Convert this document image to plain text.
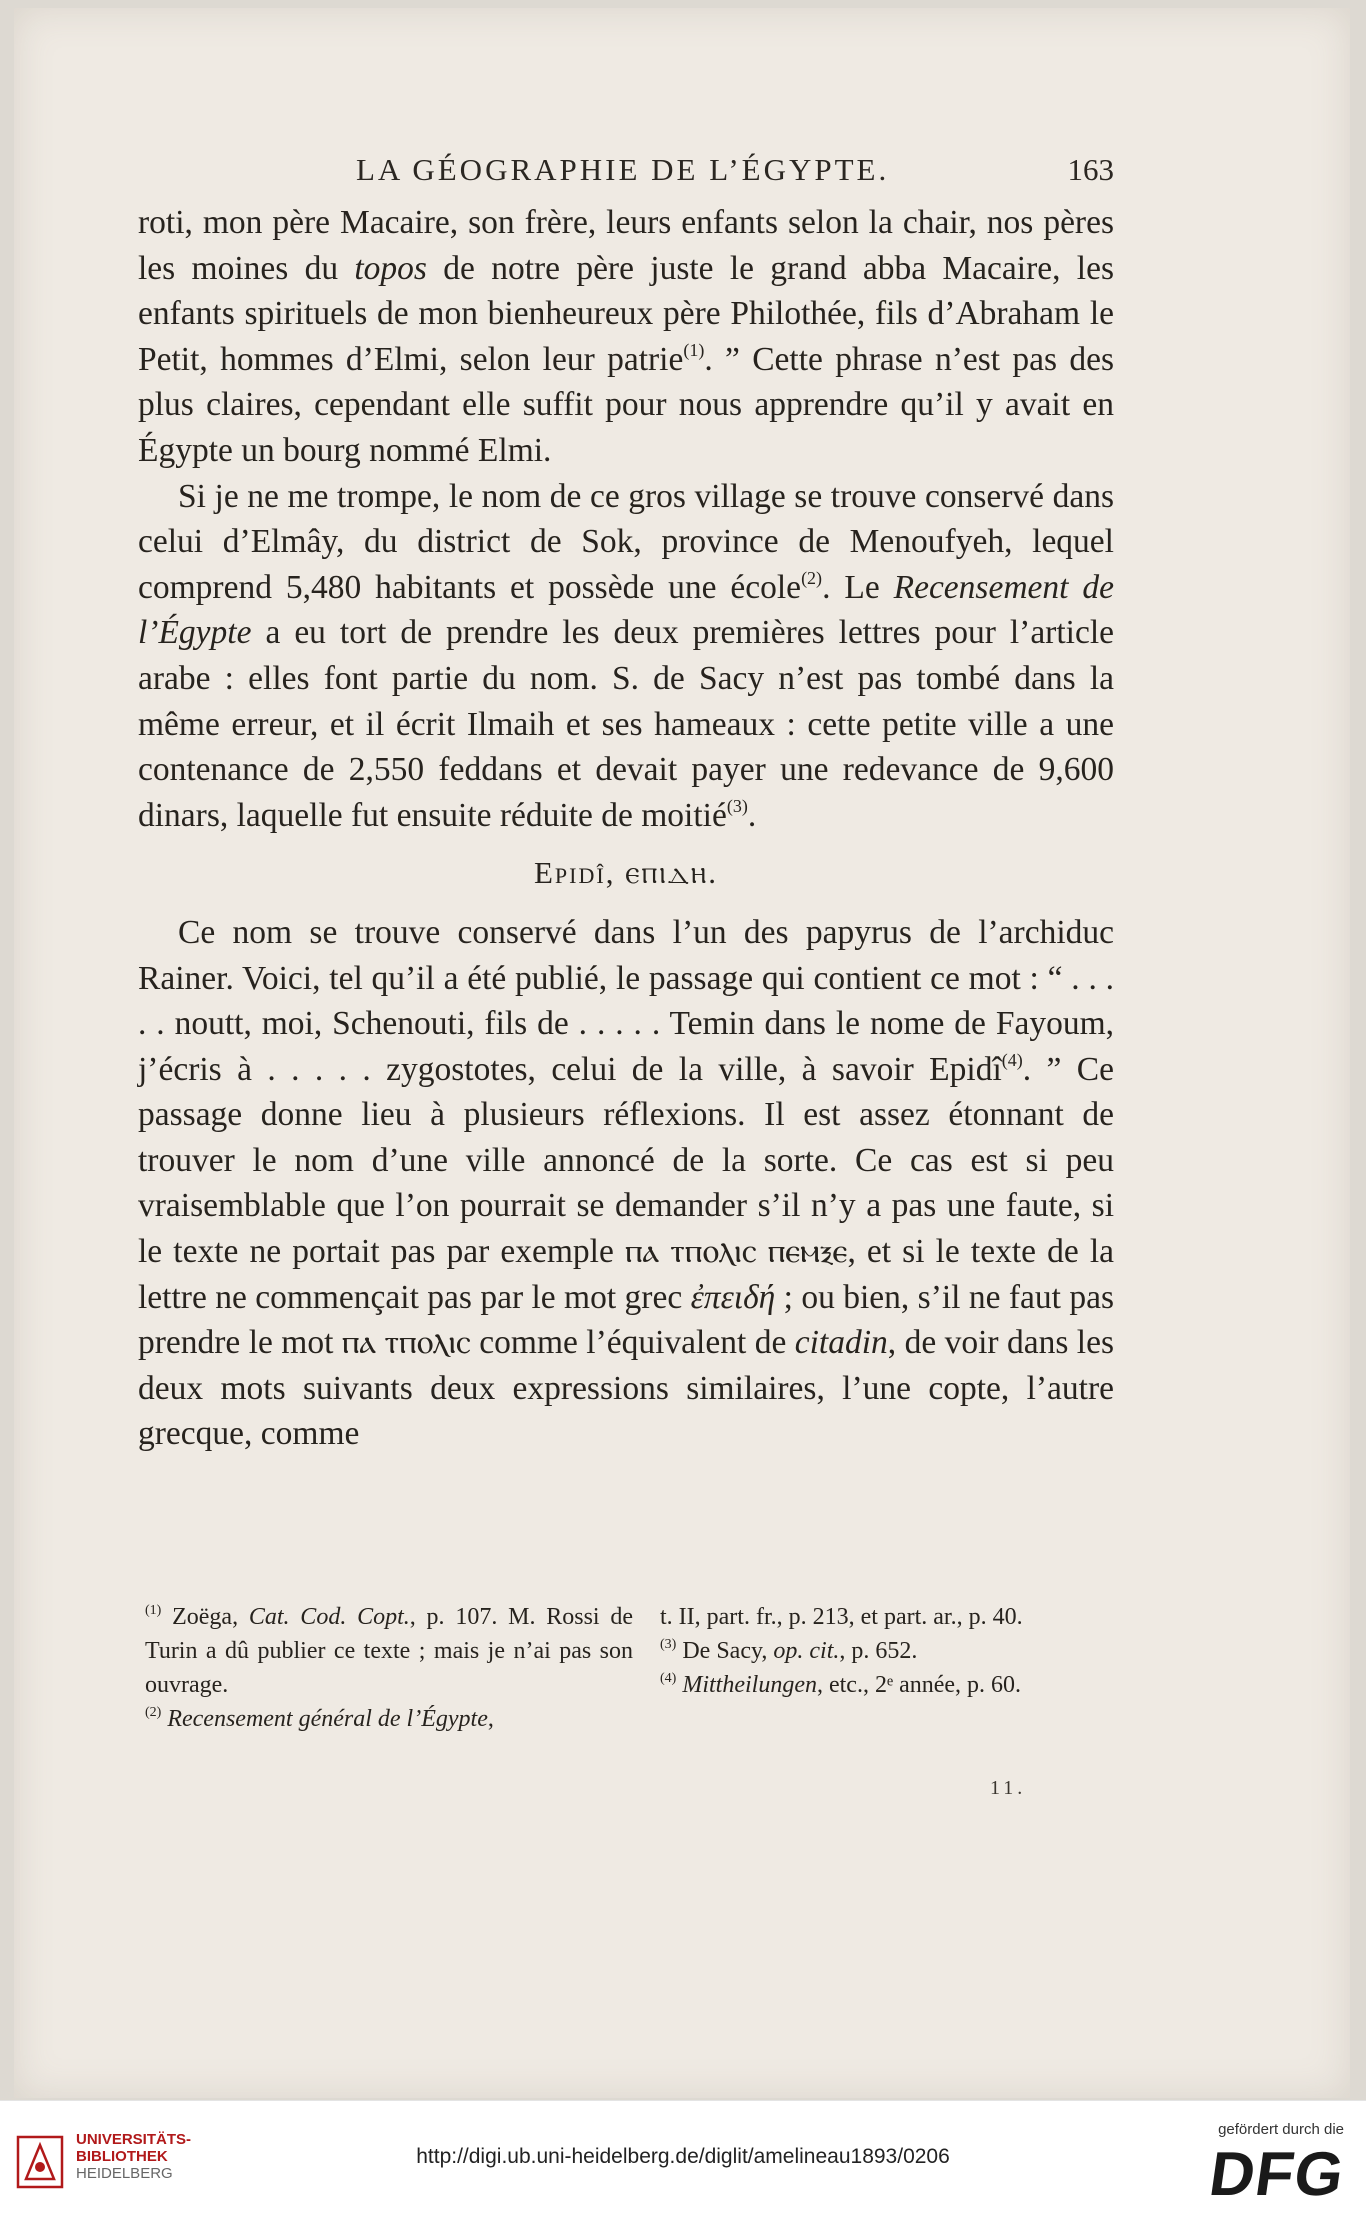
LA GÉOGRAPHIE DE L’ÉGYPTE.	163

roti, mon père Macaire, son frère, leurs enfants selon la chair, nos pères les moines du topos de notre père juste le grand abba Macaire, les enfants spirituels de mon bienheureux père Philothée, fils d’Abraham le Petit, hommes d’Elmi, selon leur patrie$^{(1)}$. ” Cette phrase n’est pas des plus claires, cependant elle suffit pour nous apprendre qu’il y avait en Égypte un bourg nommé Elmi.

Si je ne me trompe, le nom de ce gros village se trouve conservé dans celui d’Elmây, du district de Sok, province de Menoufyeh, lequel comprend 5,480 habitants et possède une école$^{(2)}$. Le Recensement de l’Égypte a eu tort de prendre les deux premières lettres pour l’article arabe : elles font partie du nom. S. de Sacy n’est pas tombé dans la même erreur, et il écrit Ilmaih et ses hameaux : cette petite ville a une contenance de 2,550 feddans et devait payer une redevance de 9,600 dinars, laquelle fut ensuite réduite de moitié$^{(3)}$.

Epidî, ⲉⲡⲓⲇⲏ.

Ce nom se trouve conservé dans l’un des papyrus de l’archiduc Rainer. Voici, tel qu’il a été publié, le passage qui contient ce mot : “ . . . . . noutt, moi, Schenouti, fils de . . . . . Temin dans le nome de Fayoum, j’écris à . . . . . zygostotes, celui de la ville, à savoir Epidî$^{(4)}$. ” Ce passage donne lieu à plusieurs réflexions. Il est assez étonnant de trouver le nom d’une ville annoncé de la sorte. Ce cas est si peu vraisemblable que l’on pourrait se demander s’il n’y a pas une faute, si le texte ne portait pas par exemple ⲡⲁ ⲧⲡⲟⲗⲓⲥ ⲡⲉⲙⲝⲉ, et si le texte de la lettre ne commençait pas par le mot grec ἐπειδή ; ou bien, s’il ne faut pas prendre le mot ⲡⲁ ⲧⲡⲟⲗⲓⲥ comme l’équivalent de citadin, de voir dans les deux mots suivants deux expressions similaires, l’une copte, l’autre grecque, comme

$^{(1)}$ Zoëga, Cat. Cod. Copt., p. 107. M. Rossi de Turin a dû publier ce texte ; mais je n’ai pas son ouvrage.

$^{(2)}$ Recensement général de l’Égypte,

t. II, part. fr., p. 213, et part. ar., p. 40.

$^{(3)}$ De Sacy, op. cit., p. 652.

$^{(4)}$ Mittheilungen, etc., 2ᵉ année, p. 60.

11.
UNIVERSITÄTS-
BIBLIOTHEK
HEIDELBERG
http://digi.ub.uni-heidelberg.de/diglit/amelineau1893/0206
gefördert durch die
DFG
